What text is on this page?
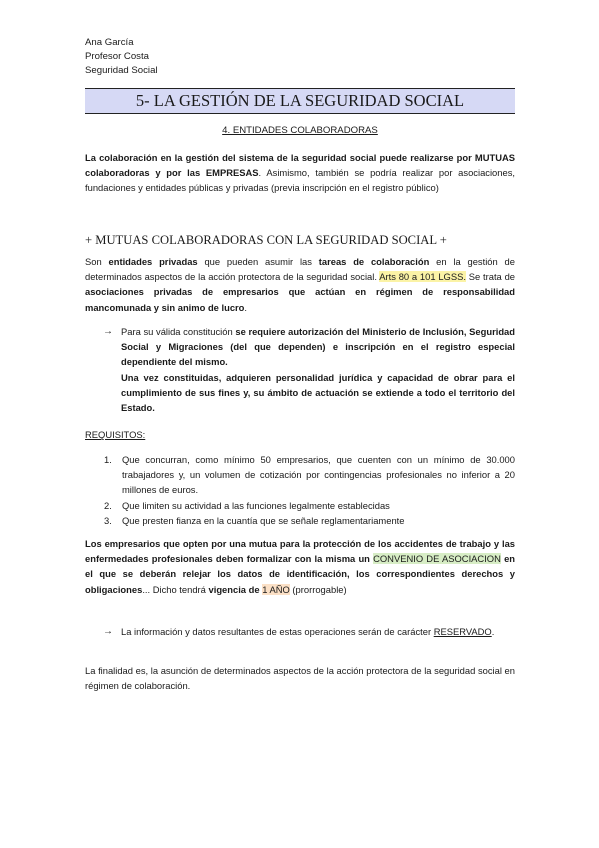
Ana García
Profesor Costa
Seguridad Social
5- LA GESTIÓN DE LA SEGURIDAD SOCIAL
4. ENTIDADES COLABORADORAS

La colaboración en la gestión del sistema de la seguridad social puede realizarse por MUTUAS colaboradoras y por las EMPRESAS. Asimismo, también se podría realizar por asociaciones, fundaciones y entidades públicas y privadas (previa inscripción en el registro público)

+ MUTUAS COLABORADORAS CON LA SEGURIDAD SOCIAL +

Son entidades privadas que pueden asumir las tareas de colaboración en la gestión de determinados aspectos de la acción protectora de la seguridad social. Arts 80 a 101 LGSS. Se trata de asociaciones privadas de empresarios que actúan en régimen de responsabilidad mancomunada y sin animo de lucro.

→ Para su válida constitución se requiere autorización del Ministerio de Inclusión, Seguridad Social y Migraciones (del que dependen) e inscripción en el registro especial dependiente del mismo.
Una vez constituidas, adquieren personalidad jurídica y capacidad de obrar para el cumplimiento de sus fines y, su ámbito de actuación se extiende a todo el territorio del Estado.
REQUISITOS:
1. Que concurran, como mínimo 50 empresarios, que cuenten con un mínimo de 30.000 trabajadores y, un volumen de cotización por contingencias profesionales no inferior a 20 millones de euros.
2. Que limiten su actividad a las funciones legalmente establecidas
3. Que presten fianza en la cuantía que se señale reglamentariamente

Los empresarios que opten por una mutua para la protección de los accidentes de trabajo y las enfermedades profesionales deben formalizar con la misma un CONVENIO DE ASOCIACION en el que se deberán relejar los datos de identificación, los correspondientes derechos y obligaciones... Dicho tendrá vigencia de 1 AÑO (prorrogable)

→ La información y datos resultantes de estas operaciones serán de carácter RESERVADO.

La finalidad es, la asunción de determinados aspectos de la acción protectora de la seguridad social en régimen de colaboración.
